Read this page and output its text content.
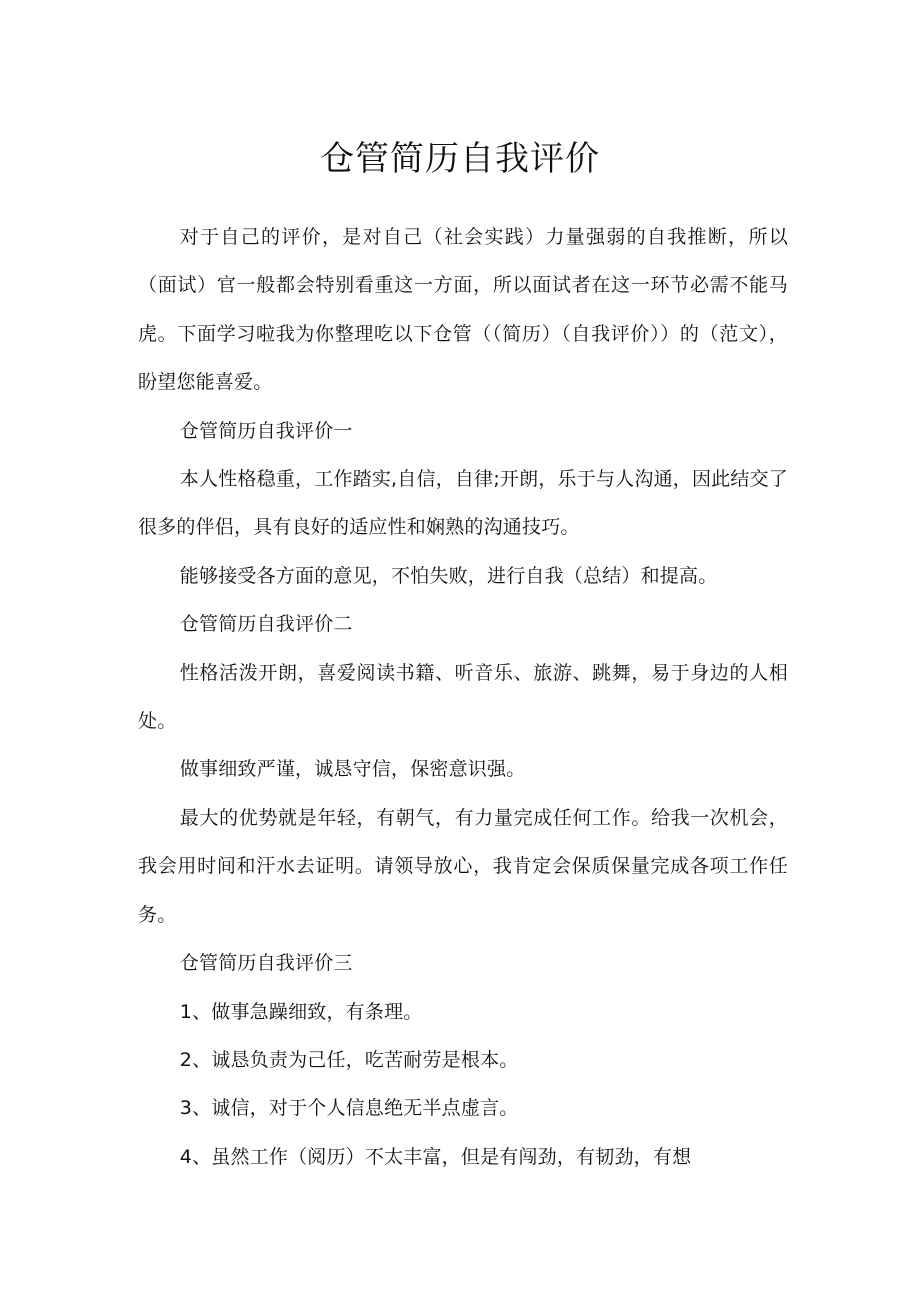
仓管简历自我评价

对于自己的评价，是对自己（社会实践）力量强弱的自我推断，所以（面试）官一般都会特别看重这一方面，所以面试者在这一环节必需不能马虎。下面学习啦我为你整理吃以下仓管（（简历）（自我评价））的（范文），盼望您能喜爱。

仓管简历自我评价一

本人性格稳重，工作踏实,自信，自律;开朗，乐于与人沟通，因此结交了很多的伴侣，具有良好的适应性和娴熟的沟通技巧。

能够接受各方面的意见，不怕失败，进行自我（总结）和提高。

仓管简历自我评价二

性格活泼开朗，喜爱阅读书籍、听音乐、旅游、跳舞，易于身边的人相处。

做事细致严谨，诚恳守信，保密意识强。

最大的优势就是年轻，有朝气，有力量完成任何工作。给我一次机会，我会用时间和汗水去证明。请领导放心，我肯定会保质保量完成各项工作任务。

仓管简历自我评价三

1、做事急躁细致，有条理。

2、诚恳负责为己任，吃苦耐劳是根本。

3、诚信，对于个人信息绝无半点虚言。

4、虽然工作（阅历）不太丰富，但是有闯劲，有韧劲，有想
